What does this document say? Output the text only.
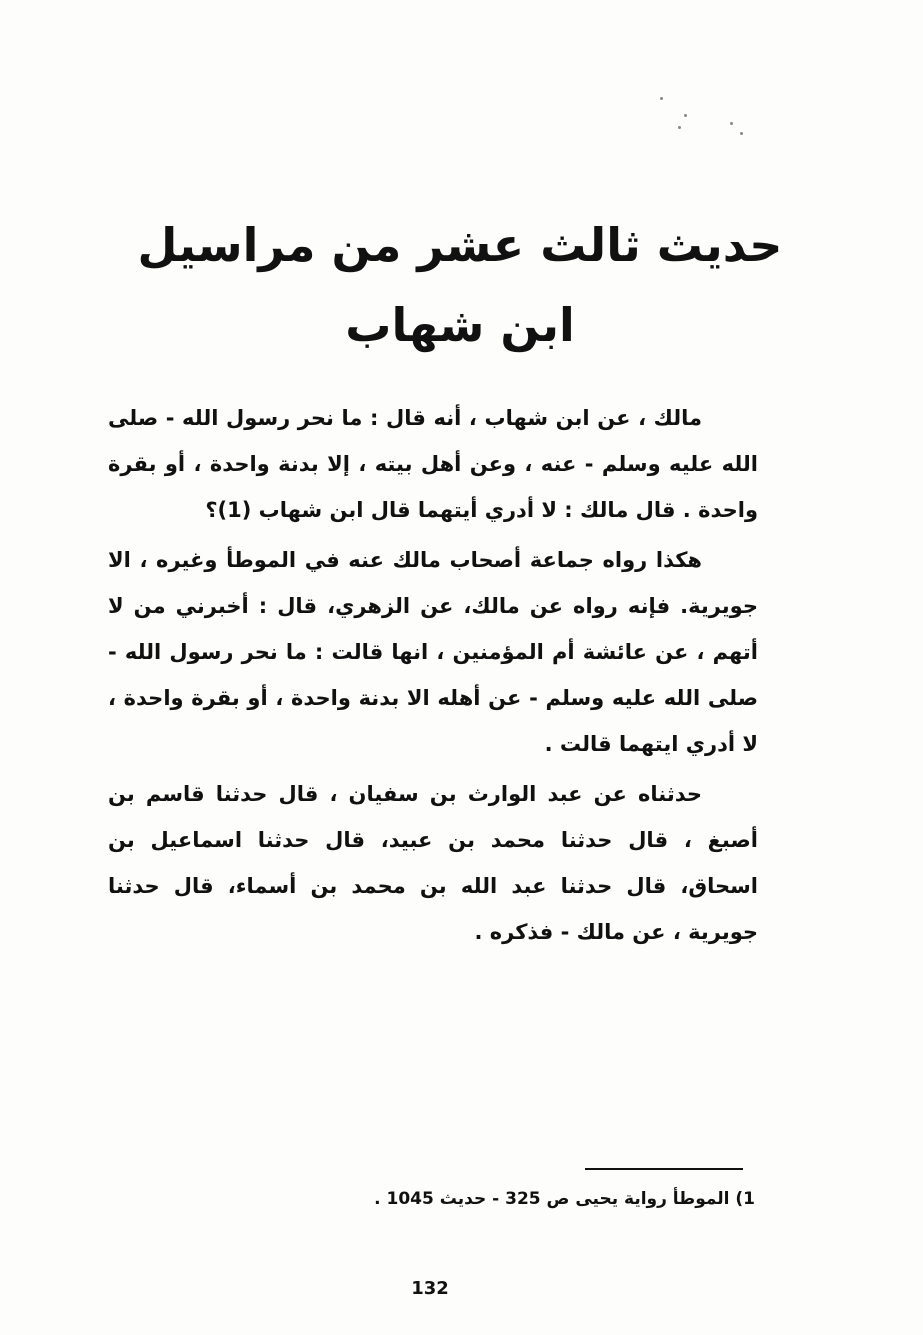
حديث ثالث عشر من مراسيل
ابن شهاب

مالك ، عن ابن شهاب ، أنه قال : ما نحر رسول الله - صلى الله عليه وسلم - عنه ، وعن أهل بيته ، إلا بدنة واحدة ، أو بقرة واحدة . قال مالك : لا أدري أيتهما قال ابن شهاب (1)؟

هكذا رواه جماعة أصحاب مالك عنه في الموطأ وغيره ، الا جويرية. فإنه رواه عن مالك، عن الزهري، قال : أخبرني من لا أتهم ، عن عائشة أم المؤمنين ، انها قالت : ما نحر رسول الله - صلى الله عليه وسلم - عن أهله الا بدنة واحدة ، أو بقرة واحدة ، لا أدري ايتهما قالت .

حدثناه عن عبد الوارث بن سفيان ، قال حدثنا قاسم بن أصبغ ، قال حدثنا محمد بن عبيد، قال حدثنا اسماعيل بن اسحاق، قال حدثنا عبد الله بن محمد بن أسماء، قال حدثنا جويرية ، عن مالك - فذكره .

1) الموطأ رواية يحيى ص 325 - حديث 1045 .
132
